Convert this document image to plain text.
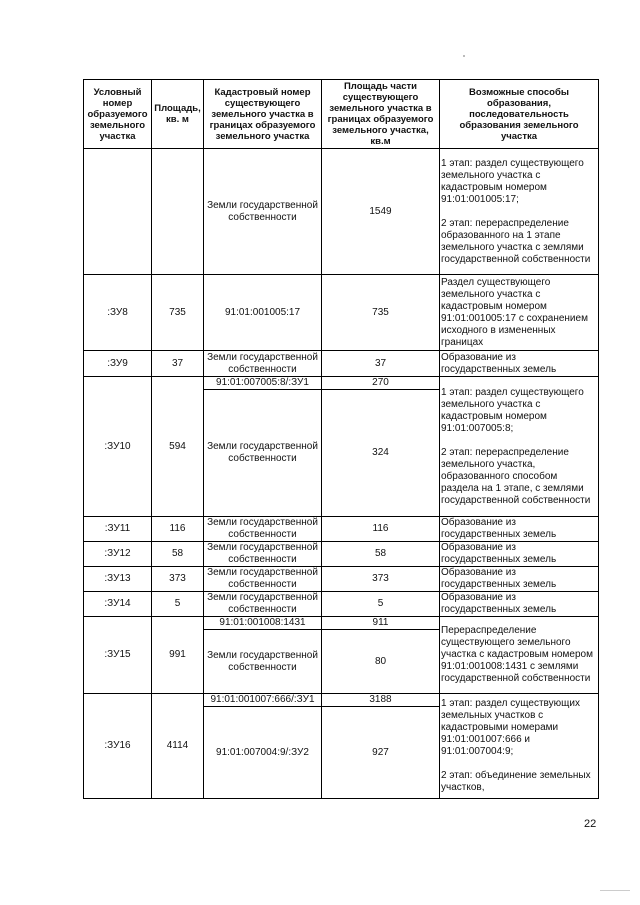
Условный номер образуемого земельного участка	Площадь, кв. м	Кадастровый номер существующего земельного участка в границах образуемого земельного участка	Площадь части существующего земельного участка в границах образуемого земельного участка, кв.м	Возможные способы образования, последовательность образования земельного участка
		Земли государственной собственности	1549	1 этап: раздел существующего земельного участка с кадастровым номером 91:01:001005:17;
2 этап: перераспределение образованного на 1 этапе земельного участка с землями государственной собственности

:ЗУ8	735	91:01:001005:17	735	Раздел существующего земельного участка с кадастровым номером 91:01:001005:17 с сохранением исходного в измененных границах
:ЗУ9	37	Земли государственной собственности	37	Образование из государственных земель
:ЗУ10	594	91:01:007005:8/:ЗУ1	270	1 этап: раздел существующего земельного участка с кадастровым номером 91:01:007005:8;
2 этап: перераспределение земельного участка, образованного способом раздела на 1 этапе, с землями государственной собственности

		Земли государственной собственности	324	
:ЗУ11	116	Земли государственной собственности	116	Образование из государственных земель
:ЗУ12	58	Земли государственной собственности	58	Образование из государственных земель
:ЗУ13	373	Земли государственной собственности	373	Образование из государственных земель
:ЗУ14	5	Земли государственной собственности	5	Образование из государственных земель
:ЗУ15	991	91:01:001008:1431	911	Перераспределение существующего земельного участка с кадастровым номером 91:01:001008:1431 с землями государственной собственности
		Земли государственной собственности	80	
:ЗУ16	4114	91:01:001007:666/:ЗУ1	3188	1 этап: раздел существующих земельных участков с кадастровыми номерами 91:01:001007:666 и 91:01:007004:9;
2 этап: объединение земельных участков,

		91:01:007004:9/:ЗУ2	927	
22
